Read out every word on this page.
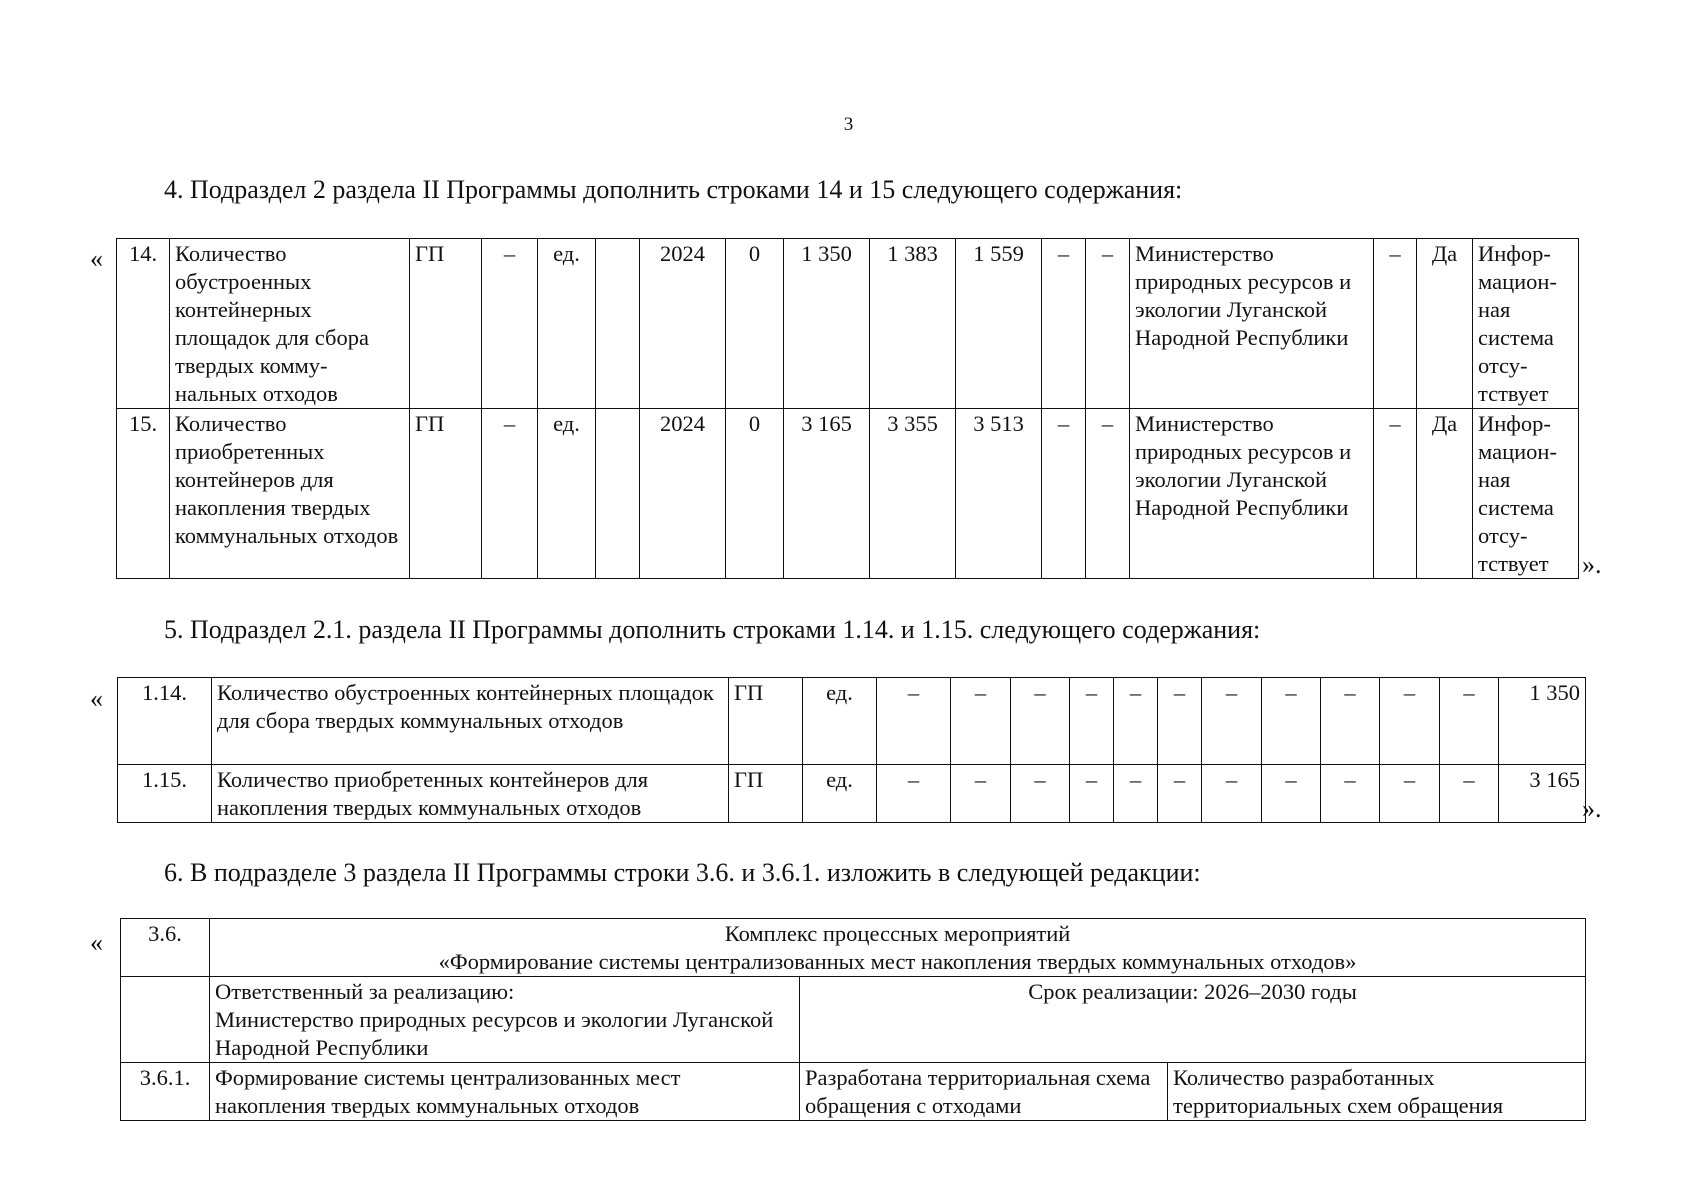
3
4. Подраздел 2 раздела II Программы дополнить строками 14 и 15 следующего содержания:
« 14.	Количество обустроенных контейнерных площадок для сбора твердых комму-нальных отходов	ГП	–	ед.		2024	0	1 350	1 383	1 559	–	–	Министерство природных ресурсов и экологии Луганской Народной Республики	–	Да	Инфор-мацион-ная система отсу-тствует
15.	Количество приобретенных контейнеров для накопления твердых коммунальных отходов	ГП	–	ед.		2024	0	3 165	3 355	3 513	–	–	Министерство природных ресурсов и экологии Луганской Народной Республики	–	Да	Инфор-мацион-ная система отсу-тствует ».
5. Подраздел 2.1. раздела II Программы дополнить строками 1.14. и 1.15. следующего содержания:
« 1.14.	Количество обустроенных контейнерных площадок для сбора твердых коммунальных отходов	ГП	ед.	–	–	–	–	–	–	–	–	–	–	–	1 350
1.15.	Количество приобретенных контейнеров для накопления твердых коммунальных отходов	ГП	ед.	–	–	–	–	–	–	–	–	–	–	–	3 165
».
6. В подразделе 3 раздела II Программы строки 3.6. и 3.6.1. изложить в следующей редакции:
« 3.6.	Комплекс процессных мероприятий
«Формирование системы централизованных мест накопления твердых коммунальных отходов»		

	Ответственный за реализацию:
Министерство природных ресурсов и экологии Луганской Народной Республики	Срок реализации: 2026–2030 годы	
3.6.1.	Формирование системы централизованных мест накопления твердых коммунальных отходов	Разработана территориальная схема обращения с отходами	Количество разработанных территориальных схем обращения
